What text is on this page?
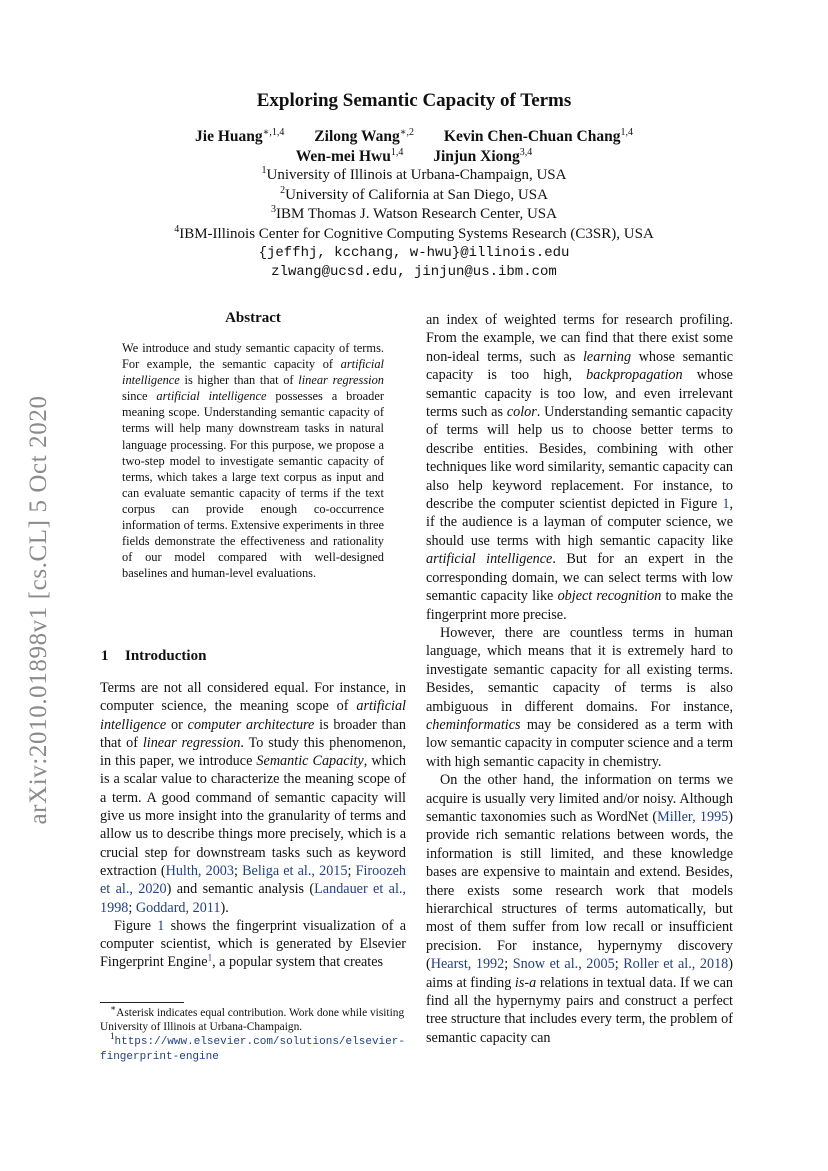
arXiv:2010.01898v1 [cs.CL] 5 Oct 2020
Exploring Semantic Capacity of Terms
Jie Huang$^{∗,1,4}$ Zilong Wang$^{∗,2}$ Kevin Chen-Chuan Chang$^{1,4}$
Wen-mei Hwu$^{1,4}$ Jinjun Xiong$^{3,4}$
$^1$University of Illinois at Urbana-Champaign, USA
$^2$University of California at San Diego, USA
$^3$IBM Thomas J. Watson Research Center, USA
$^4$IBM-Illinois Center for Cognitive Computing Systems Research (C3SR), USA
{jeffhj, kcchang, w-hwu}@illinois.edu
zlwang@ucsd.edu, jinjun@us.ibm.com
Abstract
We introduce and study semantic capacity of terms. For example, the semantic capacity of artificial intelligence is higher than that of linear regression since artificial intelligence possesses a broader meaning scope. Understanding semantic capacity of terms will help many downstream tasks in natural language processing. For this purpose, we propose a two-step model to investigate semantic capacity of terms, which takes a large text corpus as input and can evaluate semantic capacity of terms if the text corpus can provide enough co-occurrence information of terms. Extensive experiments in three fields demonstrate the effectiveness and rationality of our model compared with well-designed baselines and human-level evaluations.
1 Introduction

Terms are not all considered equal. For instance, in computer science, the meaning scope of artificial intelligence or computer architecture is broader than that of linear regression. To study this phenomenon, in this paper, we introduce Semantic Capacity, which is a scalar value to characterize the meaning scope of a term. A good command of semantic capacity will give us more insight into the granularity of terms and allow us to describe things more precisely, which is a crucial step for downstream tasks such as keyword extraction (Hulth, 2003; Beliga et al., 2015; Firoozeh et al., 2020) and semantic analysis (Landauer et al., 1998; Goddard, 2011).

Figure 1 shows the fingerprint visualization of a computer scientist, which is generated by Elsevier Fingerprint Engine$^1$, a popular system that creates

∗Asterisk indicates equal contribution. Work done while visiting University of Illinois at Urbana-Champaign.

$^1$https://www.elsevier.com/solutions/elsevier-fingerprint-engine

an index of weighted terms for research profiling. From the example, we can find that there exist some non-ideal terms, such as learning whose semantic capacity is too high, backpropagation whose semantic capacity is too low, and even irrelevant terms such as color. Understanding semantic capacity of terms will help us to choose better terms to describe entities. Besides, combining with other techniques like word similarity, semantic capacity can also help keyword replacement. For instance, to describe the computer scientist depicted in Figure 1, if the audience is a layman of computer science, we should use terms with high semantic capacity like artificial intelligence. But for an expert in the corresponding domain, we can select terms with low semantic capacity like object recognition to make the fingerprint more precise.

However, there are countless terms in human language, which means that it is extremely hard to investigate semantic capacity for all existing terms. Besides, semantic capacity of terms is also ambiguous in different domains. For instance, cheminformatics may be considered as a term with low semantic capacity in computer science and a term with high semantic capacity in chemistry.

On the other hand, the information on terms we acquire is usually very limited and/or noisy. Although semantic taxonomies such as WordNet (Miller, 1995) provide rich semantic relations between words, the information is still limited, and these knowledge bases are expensive to maintain and extend. Besides, there exists some research work that models hierarchical structures of terms automatically, but most of them suffer from low recall or insufficient precision. For instance, hypernymy discovery (Hearst, 1992; Snow et al., 2005; Roller et al., 2018) aims at finding is-a relations in textual data. If we can find all the hypernymy pairs and construct a perfect tree structure that includes every term, the problem of semantic capacity can
